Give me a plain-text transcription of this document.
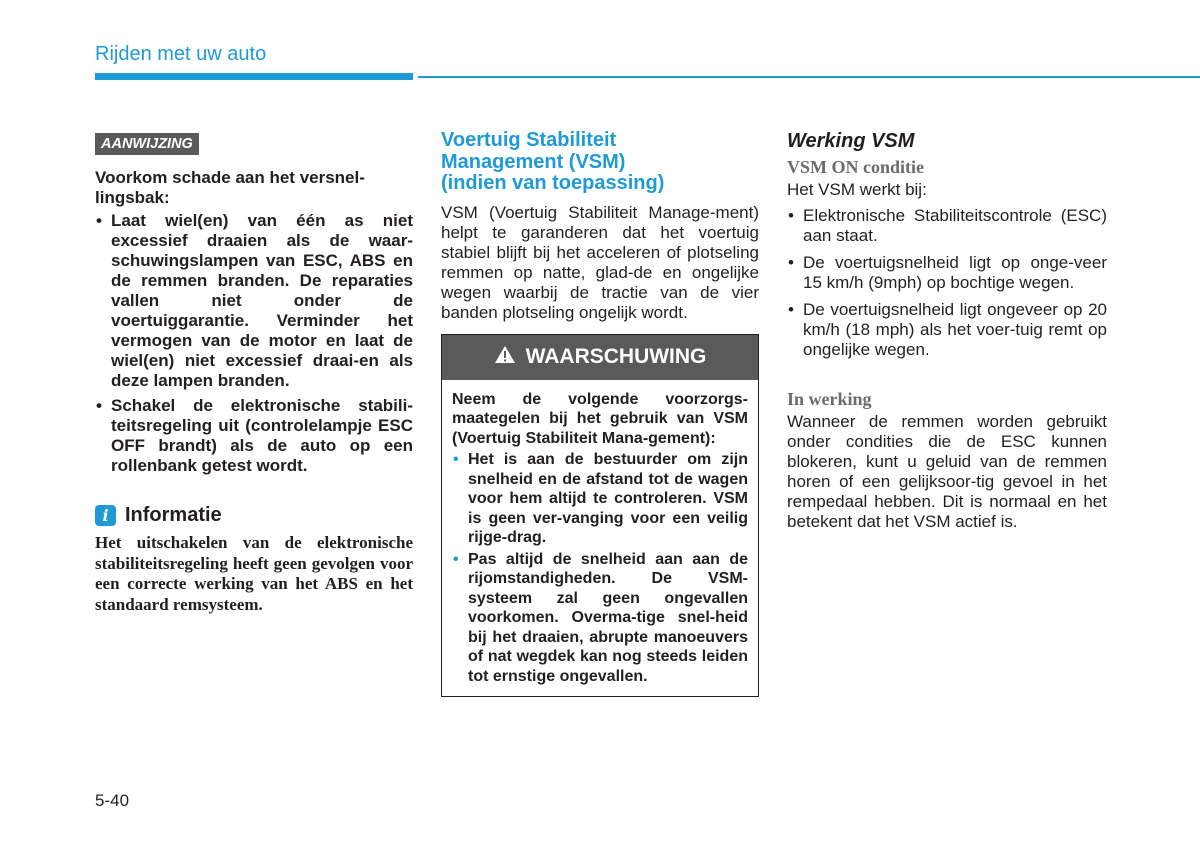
Rijden met uw auto
AANWIJZING
Voorkom schade aan het versnel-lingsbak:
• Laat wiel(en) van één as niet excessief draaien als de waar-schuwingslampen van ESC, ABS en de remmen branden. De reparaties vallen niet onder de voertuiggarantie. Verminder het vermogen van de motor en laat de wiel(en) niet excessief draai-en als deze lampen branden.
• Schakel de elektronische stabili-teitsregeling uit (controlelampje ESC OFF brandt) als de auto op een rollenbank getest wordt.
i Informatie
Het uitschakelen van de elektronische stabiliteitsregeling heeft geen gevolgen voor een correcte werking van het ABS en het standaard remsysteem.
Voertuig Stabiliteit
Management (VSM)
(indien van toepassing)
VSM (Voertuig Stabiliteit Manage-ment) helpt te garanderen dat het voertuig stabiel blijft bij het acceleren of plotseling remmen op natte, glad-de en ongelijke wegen waarbij de tractie van de vier banden plotseling ongelijk wordt.
WAARSCHUWING
Neem de volgende voorzorgs-maategelen bij het gebruik van VSM (Voertuig Stabiliteit Mana-gement):
• Het is aan de bestuurder om zijn snelheid en de afstand tot de wagen voor hem altijd te controleren. VSM is geen ver-vanging voor een veilig rijge-drag.
• Pas altijd de snelheid aan aan de rijomstandigheden. De VSM-systeem zal geen ongevallen voorkomen. Overma-tige snel-heid bij het draaien, abrupte manoeuvers of nat wegdek kan nog steeds leiden tot ernstige ongevallen.
Werking VSM
VSM ON conditie
Het VSM werkt bij:
• Elektronische Stabiliteitscontrole (ESC) aan staat.
• De voertuigsnelheid ligt op onge-veer 15 km/h (9mph) op bochtige wegen.
• De voertuigsnelheid ligt ongeveer op 20 km/h (18 mph) als het voer-tuig remt op ongelijke wegen.
In werking
Wanneer de remmen worden gebruikt onder condities die de ESC kunnen blokeren, kunt u geluid van de remmen horen of een gelijksoor-tig gevoel in het rempedaal hebben. Dit is normaal en het betekent dat het VSM actief is.
5-40
